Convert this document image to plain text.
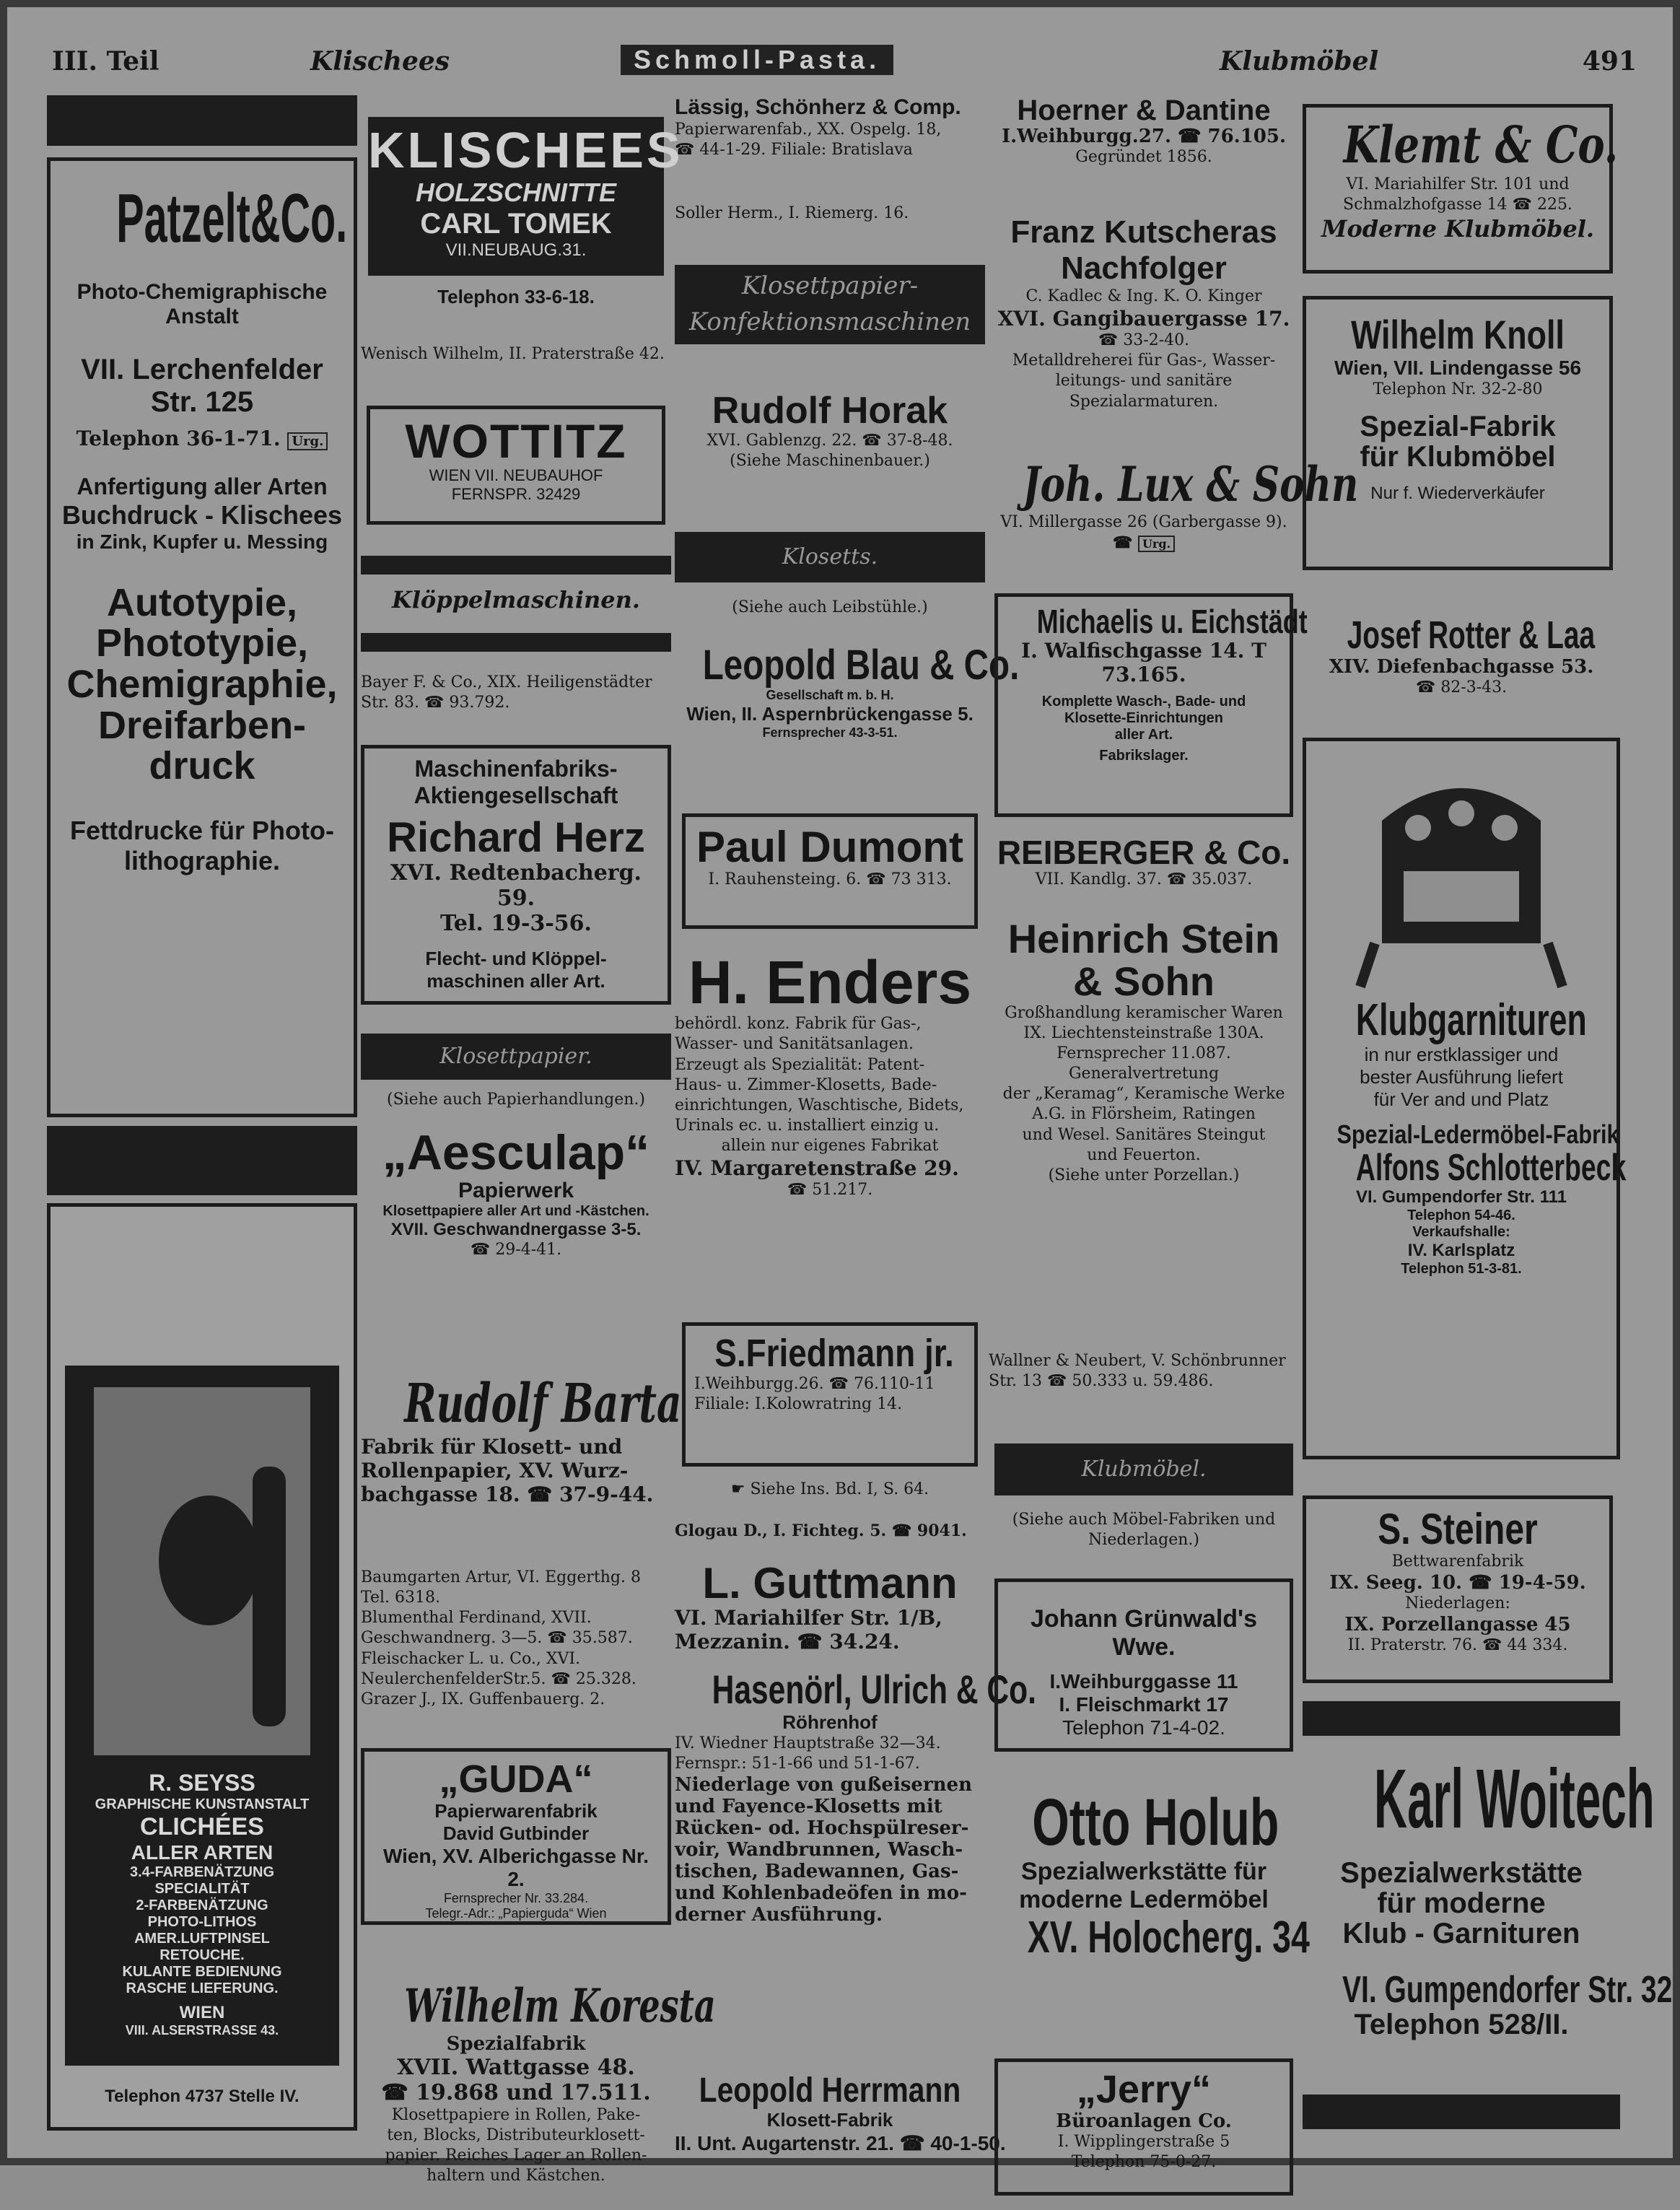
III. Teil	Klischees	Schmoll-Pasta.	Klubmöbel	491

Patzelt&Co.

Photo-Chemigraphische Anstalt

VII. Lerchenfelder Str. 125

Telephon 36-1-71. Urg.

Anfertigung aller Arten

Buchdruck - Klischees

in Zink, Kupfer u. Messing

Autotypie,

Phototypie,

Chemigraphie,

Dreifarben-

druck

Fettdrucke für Photo-

lithographie.

R. SEYSS

GRAPHISCHE KUNSTANSTALT

CLICHÉES

ALLER ARTEN

3.4-FARBENÄTZUNG

SPECIALITÄT

2-FARBENÄTZUNG

PHOTO-LITHOS

AMER.LUFTPINSEL

RETOUCHE.

KULANTE BEDIENUNG

RASCHE LIEFERUNG.

WIEN

VIII. ALSERSTRASSE 43.

Telephon 4737 Stelle IV.

KLISCHEES

HOLZSCHNITTE

CARL TOMEK

VII.NEUBAUG.31.

Telephon 33-6-18.

Wenisch Wilhelm, II. Praterstraße 42.

WOTTITZ

WIEN VII. NEUBAUHOF

FERNSPR. 32429

Klöppelmaschinen.

Bayer F. & Co., XIX. Heiligenstädter Str. 83. ☎ 93.792.

Maschinenfabriks-

Aktiengesellschaft

Richard Herz

XVI. Redtenbacherg. 59.

Tel. 19-3-56.

Flecht- und Klöppel-

maschinen aller Art.

Klosettpapier.

(Siehe auch Papierhandlungen.)

„Aesculap“

Papierwerk

Klosettpapiere aller Art und -Kästchen.

XVII. Geschwandnergasse 3-5.

☎ 29-4-41.

Rudolf Barta

Fabrik für Klosett- und

Rollenpapier, XV. Wurz-

bachgasse 18. ☎ 37-9-44.

Baumgarten Artur, VI. Eggerthg. 8 Tel. 6318.

Blumenthal Ferdinand, XVII. Geschwandnerg. 3—5. ☎ 35.587.

Fleischacker L. u. Co., XVI. NeulerchenfelderStr.5. ☎ 25.328.

Grazer J., IX. Guffenbauerg. 2.

„GUDA“

Papierwarenfabrik

David Gutbinder

Wien, XV. Alberichgasse Nr. 2.

Fernsprecher Nr. 33.284.

Telegr.-Adr.: „Papierguda“ Wien

Wilhelm Koresta

Spezialfabrik

XVII. Wattgasse 48.

☎ 19.868 und 17.511.

Klosettpapiere in Rollen, Pake-

ten, Blocks, Distributeurklosett-

papier. Reiches Lager an Rollen-

haltern und Kästchen.

Lässig, Schönherz & Comp.

Papierwarenfab., XX. Ospelg. 18,

☎ 44-1-29. Filiale: Bratislava

Soller Herm., I. Riemerg. 16.

Klosettpapier-

Konfektionsmaschinen

Rudolf Horak

XVI. Gablenzg. 22. ☎ 37-8-48.

(Siehe Maschinenbauer.)

Klosetts.

(Siehe auch Leibstühle.)

Leopold Blau & Co.

Gesellschaft m. b. H.

Wien, II. Aspernbrückengasse 5.

Fernsprecher 43-3-51.

Paul Dumont

I. Rauhensteing. 6. ☎ 73 313.

H. Enders

behördl. konz. Fabrik für Gas-,

Wasser- und Sanitätsanlagen.

Erzeugt als Spezialität: Patent-

Haus- u. Zimmer-Klosetts, Bade-

einrichtungen, Waschtische, Bidets,

Urinals ec. u. installiert einzig u.

allein nur eigenes Fabrikat

IV. Margaretenstraße 29.

☎ 51.217.

S.Friedmann jr.

I.Weihburgg.26. ☎ 76.110-11

Filiale: I.Kolowratring 14.

☛ Siehe Ins. Bd. I, S. 64.

Glogau D., I. Fichteg. 5. ☎ 9041.

L. Guttmann

VI. Mariahilfer Str. 1/B,

Mezzanin. ☎ 34.24.

Hasenörl, Ulrich & Co.

Röhrenhof

IV. Wiedner Hauptstraße 32—34.

Fernspr.: 51-1-66 und 51-1-67.

Niederlage von gußeisernen

und Fayence-Klosetts mit

Rücken- od. Hochspülreser-

voir, Wandbrunnen, Wasch-

tischen, Badewannen, Gas-

und Kohlenbadeöfen in mo-

derner Ausführung.

Leopold Herrmann

Klosett-Fabrik

II. Unt. Augartenstr. 21. ☎ 40-1-50.

Hoerner & Dantine

I.Weihburgg.27. ☎ 76.105.

Gegründet 1856.

Franz Kutscheras

Nachfolger

C. Kadlec & Ing. K. O. Kinger

XVI. Gangibauergasse 17.

☎ 33-2-40.

Metalldreherei für Gas-, Wasser-

leitungs- und sanitäre

Spezialarmaturen.

Joh. Lux & Sohn

VI. Millergasse 26 (Garbergasse 9).

☎ Urg.

Michaelis u. Eichstädt

I. Walfischgasse 14. T 73.165.

Komplette Wasch-, Bade- und

Klosette-Einrichtungen

aller Art.

Fabrikslager.

REIBERGER & Co.

VII. Kandlg. 37. ☎ 35.037.

Heinrich Stein

& Sohn

Großhandlung keramischer Waren

IX. Liechtensteinstraße 130A.

Fernsprecher 11.087.

Generalvertretung

der „Keramag“, Keramische Werke

A.G. in Flörsheim, Ratingen

und Wesel. Sanitäres Steingut

und Feuerton.

(Siehe unter Porzellan.)

Wallner & Neubert, V. Schönbrunner Str. 13 ☎ 50.333 u. 59.486.

Klubmöbel.

(Siehe auch Möbel-Fabriken und Niederlagen.)

Johann Grünwald's Wwe.

I.Weihburggasse 11

I. Fleischmarkt 17

Telephon 71-4-02.

Otto Holub

Spezialwerkstätte für

moderne Ledermöbel

XV. Holocherg. 34

„Jerry“

Büroanlagen Co.

I. Wipplingerstraße 5

Telephon 75-0-27.

Klemt & Co.

VI. Mariahilfer Str. 101 und

Schmalzhofgasse 14 ☎ 225.

Moderne Klubmöbel.

Wilhelm Knoll

Wien, VII. Lindengasse 56

Telephon Nr. 32-2-80

Spezial-Fabrik

für Klubmöbel

Nur f. Wiederverkäufer

Josef Rotter & Laa

XIV. Diefenbachgasse 53.

☎ 82-3-43.

Klubgarnituren

in nur erstklassiger und

bester Ausführung liefert

für Ver and und Platz

Spezial-Ledermöbel-Fabrik

Alfons Schlotterbeck

VI. Gumpendorfer Str. 111

Telephon 54-46.

Verkaufshalle:

IV. Karlsplatz

Telephon 51-3-81.

S. Steiner

Bettwarenfabrik

IX. Seeg. 10. ☎ 19-4-59.

Niederlagen:

IX. Porzellangasse 45

II. Praterstr. 76. ☎ 44 334.

Karl Woitech

Spezialwerkstätte

für moderne

Klub - Garnituren

VI. Gumpendorfer Str. 32

Telephon 528/II.
